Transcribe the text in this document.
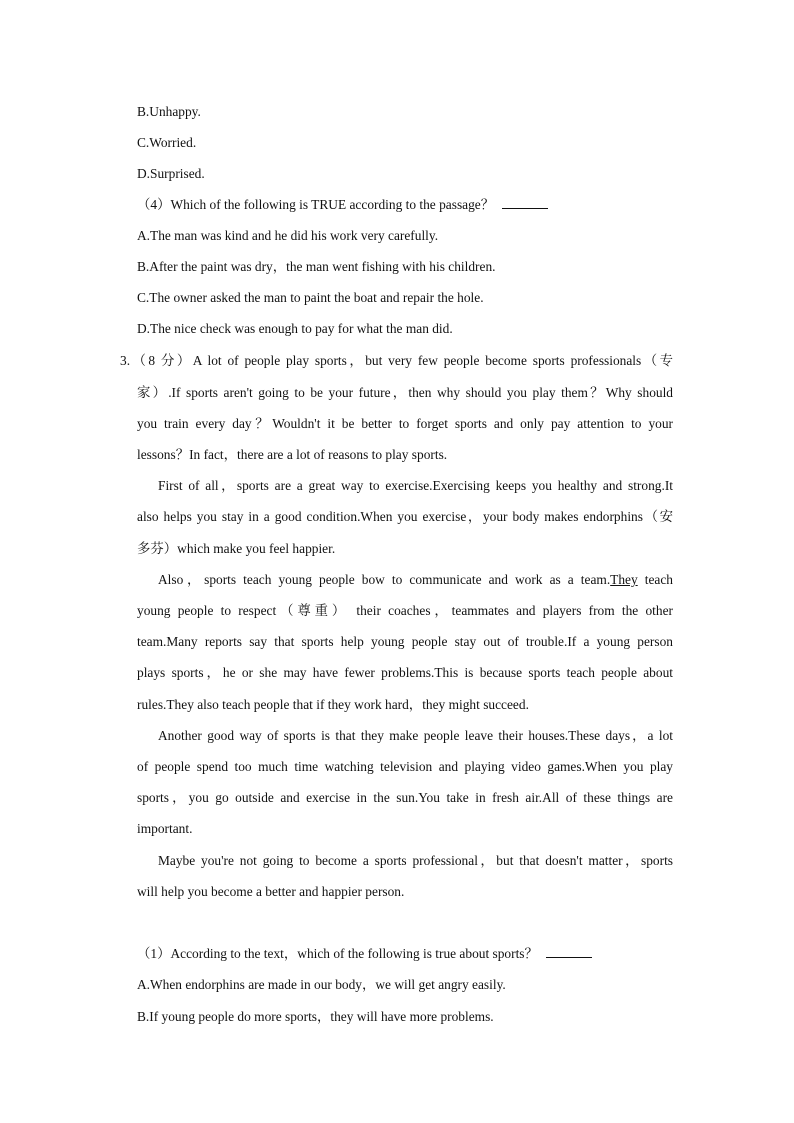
B.Unhappy.
C.Worried.
D.Surprised.
（4）Which of the following is TRUE according to the passage？
A.The man was kind and he did his work very carefully.
B.After the paint was dry，the man went fishing with his children.
C.The owner asked the man to paint the boat and repair the hole.
D.The nice check was enough to pay for what the man did.
3.（8 分）A lot of people play sports，but very few people become sports professionals（专
家）.If sports aren't going to be your future，then why should you play them？Why should
you train every day？Wouldn't it be better to forget sports and only pay attention to your
lessons？In fact，there are a lot of reasons to play sports.
First of all，sports are a great way to exercise.Exercising keeps you healthy and strong.It
also helps you stay in a good condition.When you exercise，your body makes endorphins（安
多芬）which make you feel happier.
Also，sports teach young people bow to communicate and work as a team.They teach
young people to respect（尊重） their coaches，teammates and players from the other
team.Many reports say that sports help young people stay out of trouble.If a young person
plays sports，he or she may have fewer problems.This is because sports teach people about
rules.They also teach people that if they work hard，they might succeed.
Another good way of sports is that they make people leave their houses.These days，a lot
of people spend too much time watching television and playing video games.When you play
sports，you go outside and exercise in the sun.You take in fresh air.All of these things are
important.
Maybe you're not going to become a sports professional，but that doesn't matter，sports
will help you become a better and happier person.
（1）According to the text，which of the following is true about sports？
A.When endorphins are made in our body，we will get angry easily.
B.If young people do more sports，they will have more problems.
